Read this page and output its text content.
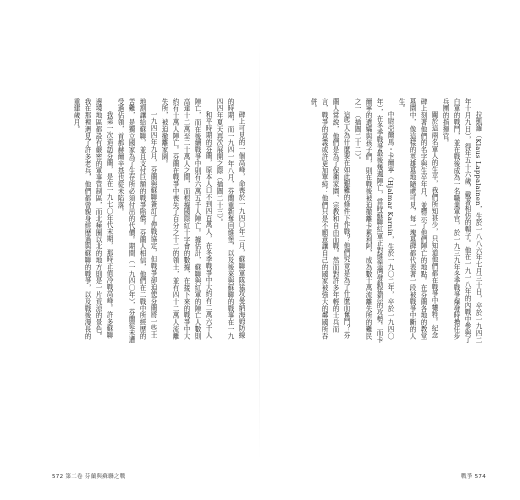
碑上可見的一個高峰，命喪於一九四〇年二月，蘇聯軍隊猛攻曼納海姆防線的時期，而一九四一年八月，芬蘭重新奪回維堡，以及後來與蘇聯的戰事在一九四四年夏天再次展開之際（插圖二十三）。

和平時期的芬蘭，原本人口不到四百萬人，在冬季戰爭中大約有二萬六千人陣亡，而在後續戰爭中則有六萬五千人陣亡。據估計，蘇聯與紅軍的陣亡人數則高達十二萬至二十萬人之間，而根據國際紅十字會的數據，在接下來的戰爭中大約有十萬人陣亡。芬蘭在戰爭中喪失了百分之十二的領土，並有四十二萬人流離失所，被迫撤離家園。

一九四四年九月，芬蘭與蘇聯簽訂了停戰協定，但戰爭卻迫使芬蘭將一些土地割讓給蘇聯，並且支付巨額的戰爭賠償。芬蘭人相信，他們在二戰中所經歷的苦難，是獨立國家為了生存所必須付出的代價。期間（一九四〇年），芬蘭從未遭受過佔領，首都赫爾辛基也從未陷落。

我第一次造訪芬蘭，是在一九七〇年代末期，那時正值冷戰高峰。許多蘇聯邊境地區都設有嚴密的軍事管制區，而北極圈以北的地方則是一片荒涼的景色。我在那裡遇見了許多老兵，他們都曾親身經歷過與蘇聯的戰爭，以及戰後漫長的重建歲月。

572 第二卷 芬蘭與蘇聯之戰	戰爭 574

拉凱羅（Klaus Lappalainen，生於一八八六年七月三十日，卒於一九四二年十月九日），得年五十六歲，戴著相仿的帽子。他在一九一八年的內戰中參與了白軍的戰鬥，並在戰後成為一名職業軍官，於一九三九年冬季戰爭爆發時擔任步兵團的指揮官。

關於這兩名軍人的生平，我們所知甚少，只知道他們都在戰爭中犧牲。紀念碑上刻著他們的名字與生卒年月，並標示了他們陣亡的地點。在芬蘭各地的教堂墓園中，像這樣的英雄墓地隨處可見，每一塊墓碑都代表著一段被戰爭中斷的人生。

中尉亞爾馬・卡爾寧（Hjalmar Karnin，生於一九〇二年，卒於一九四〇年），在冬季戰爭最後幾週陣亡，當時蘇聯紅軍正對維堡灣發動猛烈的攻勢。而卡爾寧的遺孀與孩子們，則在戰後被迫撤離卡累利阿，成為數十萬流離失所的難民之一（插圖二十二）。

這些人為什麼要在如此艱難的條件下作戰？他們究竟是為了什麼而奮鬥？芬蘭人常說，他們是為了保衛家園、宗教和自由而戰。然而對許多年輕的士兵而言，戰爭的意義或許更加單純：他們只是不願意讓自己的國家被強大的鄰國所吞併。
